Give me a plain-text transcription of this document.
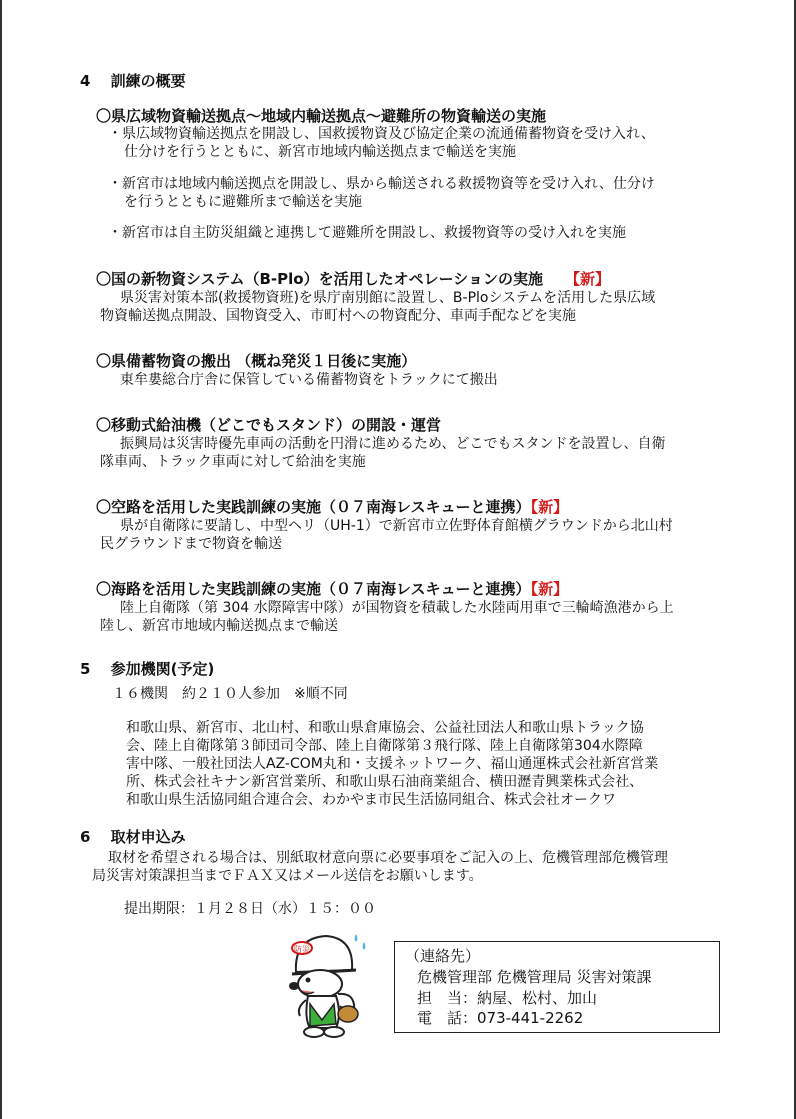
4　 訓練の概要
〇県広域物資輸送拠点～地域内輸送拠点～避難所の物資輸送の実施
・県広域物資輸送拠点を開設し、国救援物資及び協定企業の流通備蓄物資を受け入れ、
仕分けを行うとともに、新宮市地域内輸送拠点まで輸送を実施
・新宮市は地域内輸送拠点を開設し、県から輸送される救援物資等を受け入れ、仕分け
を行うとともに避難所まで輸送を実施
・新宮市は自主防災組織と連携して避難所を開設し、救援物資等の受け入れを実施
〇国の新物資システム（B-Plo）を活用したオペレーションの実施 【新】
県災害対策本部(救援物資班)を県庁南別館に設置し、B-Ploシステムを活用した県広域
物資輸送拠点開設、国物資受入、市町村への物資配分、車両手配などを実施
〇県備蓄物資の搬出 （概ね発災１日後に実施）
東牟婁総合庁舎に保管している備蓄物資をトラックにて搬出
〇移動式給油機（どこでもスタンド）の開設・運営
振興局は災害時優先車両の活動を円滑に進めるため、どこでもスタンドを設置し、自衛
隊車両、トラック車両に対して給油を実施
〇空路を活用した実践訓練の実施（０７南海レスキューと連携）【新】
県が自衛隊に要請し、中型ヘリ（UH-1）で新宮市立佐野体育館横グラウンドから北山村
民グラウンドまで物資を輸送
〇海路を活用した実践訓練の実施（０７南海レスキューと連携）【新】
陸上自衛隊（第 304 水際障害中隊）が国物資を積載した水陸両用車で三輪崎漁港から上
陸し、新宮市地域内輸送拠点まで輸送
5　 参加機関(予定)
１６機関　約２１０人参加　※順不同
和歌山県、新宮市、北山村、和歌山県倉庫協会、公益社団法人和歌山県トラック協
会、陸上自衛隊第３師団司令部、陸上自衛隊第３飛行隊、陸上自衛隊第304水際障
害中隊、一般社団法人AZ-COM丸和・支援ネットワーク、福山通運株式会社新宮営業
所、株式会社キナン新宮営業所、和歌山県石油商業組合、横田瀝青興業株式会社、
和歌山県生活協同組合連合会、わかやま市民生活協同組合、株式会社オークワ
6　 取材申込み
取材を希望される場合は、別紙取材意向票に必要事項をご記入の上、危機管理部危機管理
局災害対策課担当までＦＡＸ又はメール送信をお願いします。
提出期限：１月２８日（水）１５：００
防災	（連絡先）
危機管理部 危機管理局 災害対策課
担　当：納屋、松村、加山
電　話：073-441-2262
